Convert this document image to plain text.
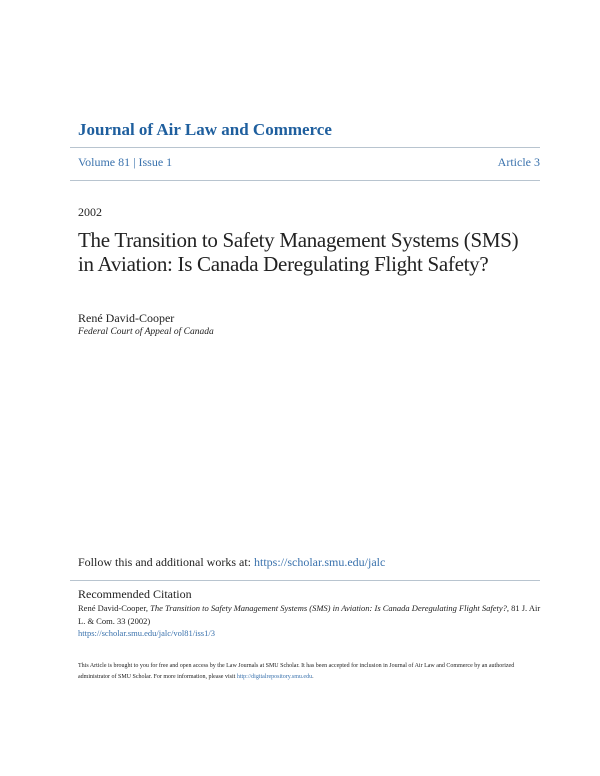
Journal of Air Law and Commerce
Volume 81 | Issue 1	Article 3
2002
The Transition to Safety Management Systems (SMS) in Aviation: Is Canada Deregulating Flight Safety?
René David-Cooper
Federal Court of Appeal of Canada
Follow this and additional works at: https://scholar.smu.edu/jalc
Recommended Citation
René David-Cooper, The Transition to Safety Management Systems (SMS) in Aviation: Is Canada Deregulating Flight Safety?, 81 J. Air L. & Com. 33 (2002)
https://scholar.smu.edu/jalc/vol81/iss1/3
This Article is brought to you for free and open access by the Law Journals at SMU Scholar. It has been accepted for inclusion in Journal of Air Law and Commerce by an authorized administrator of SMU Scholar. For more information, please visit http://digitalrepository.smu.edu.
